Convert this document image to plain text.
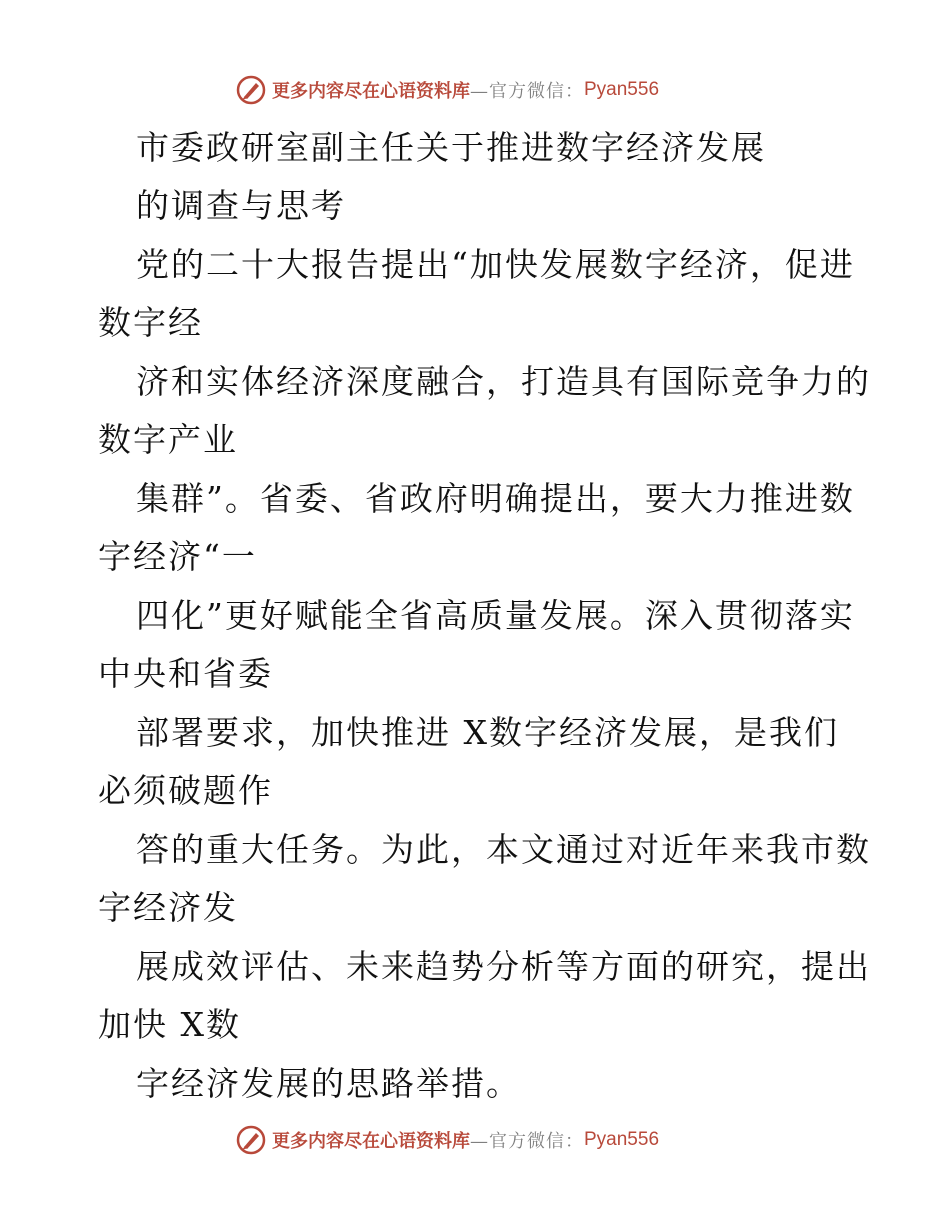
更多内容尽在心语资料库 —官方微信： Pyan556
市委政研室副主任关于推进数字经济发展
的调查与思考
党的二十大报告提出“加快发展数字经济，促进
数字经
济和实体经济深度融合，打造具有国际竞争力的
数字产业
集群”。省委、省政府明确提出，要大力推进数
字经济“一
四化”更好赋能全省高质量发展。深入贯彻落实
中央和省委
部署要求，加快推进 X数字经济发展，是我们
必须破题作
答的重大任务。为此，本文通过对近年来我市数
字经济发
展成效评估、未来趋势分析等方面的研究，提出
加快 X数
字经济发展的思路举措。
更多内容尽在心语资料库 —官方微信： Pyan556
